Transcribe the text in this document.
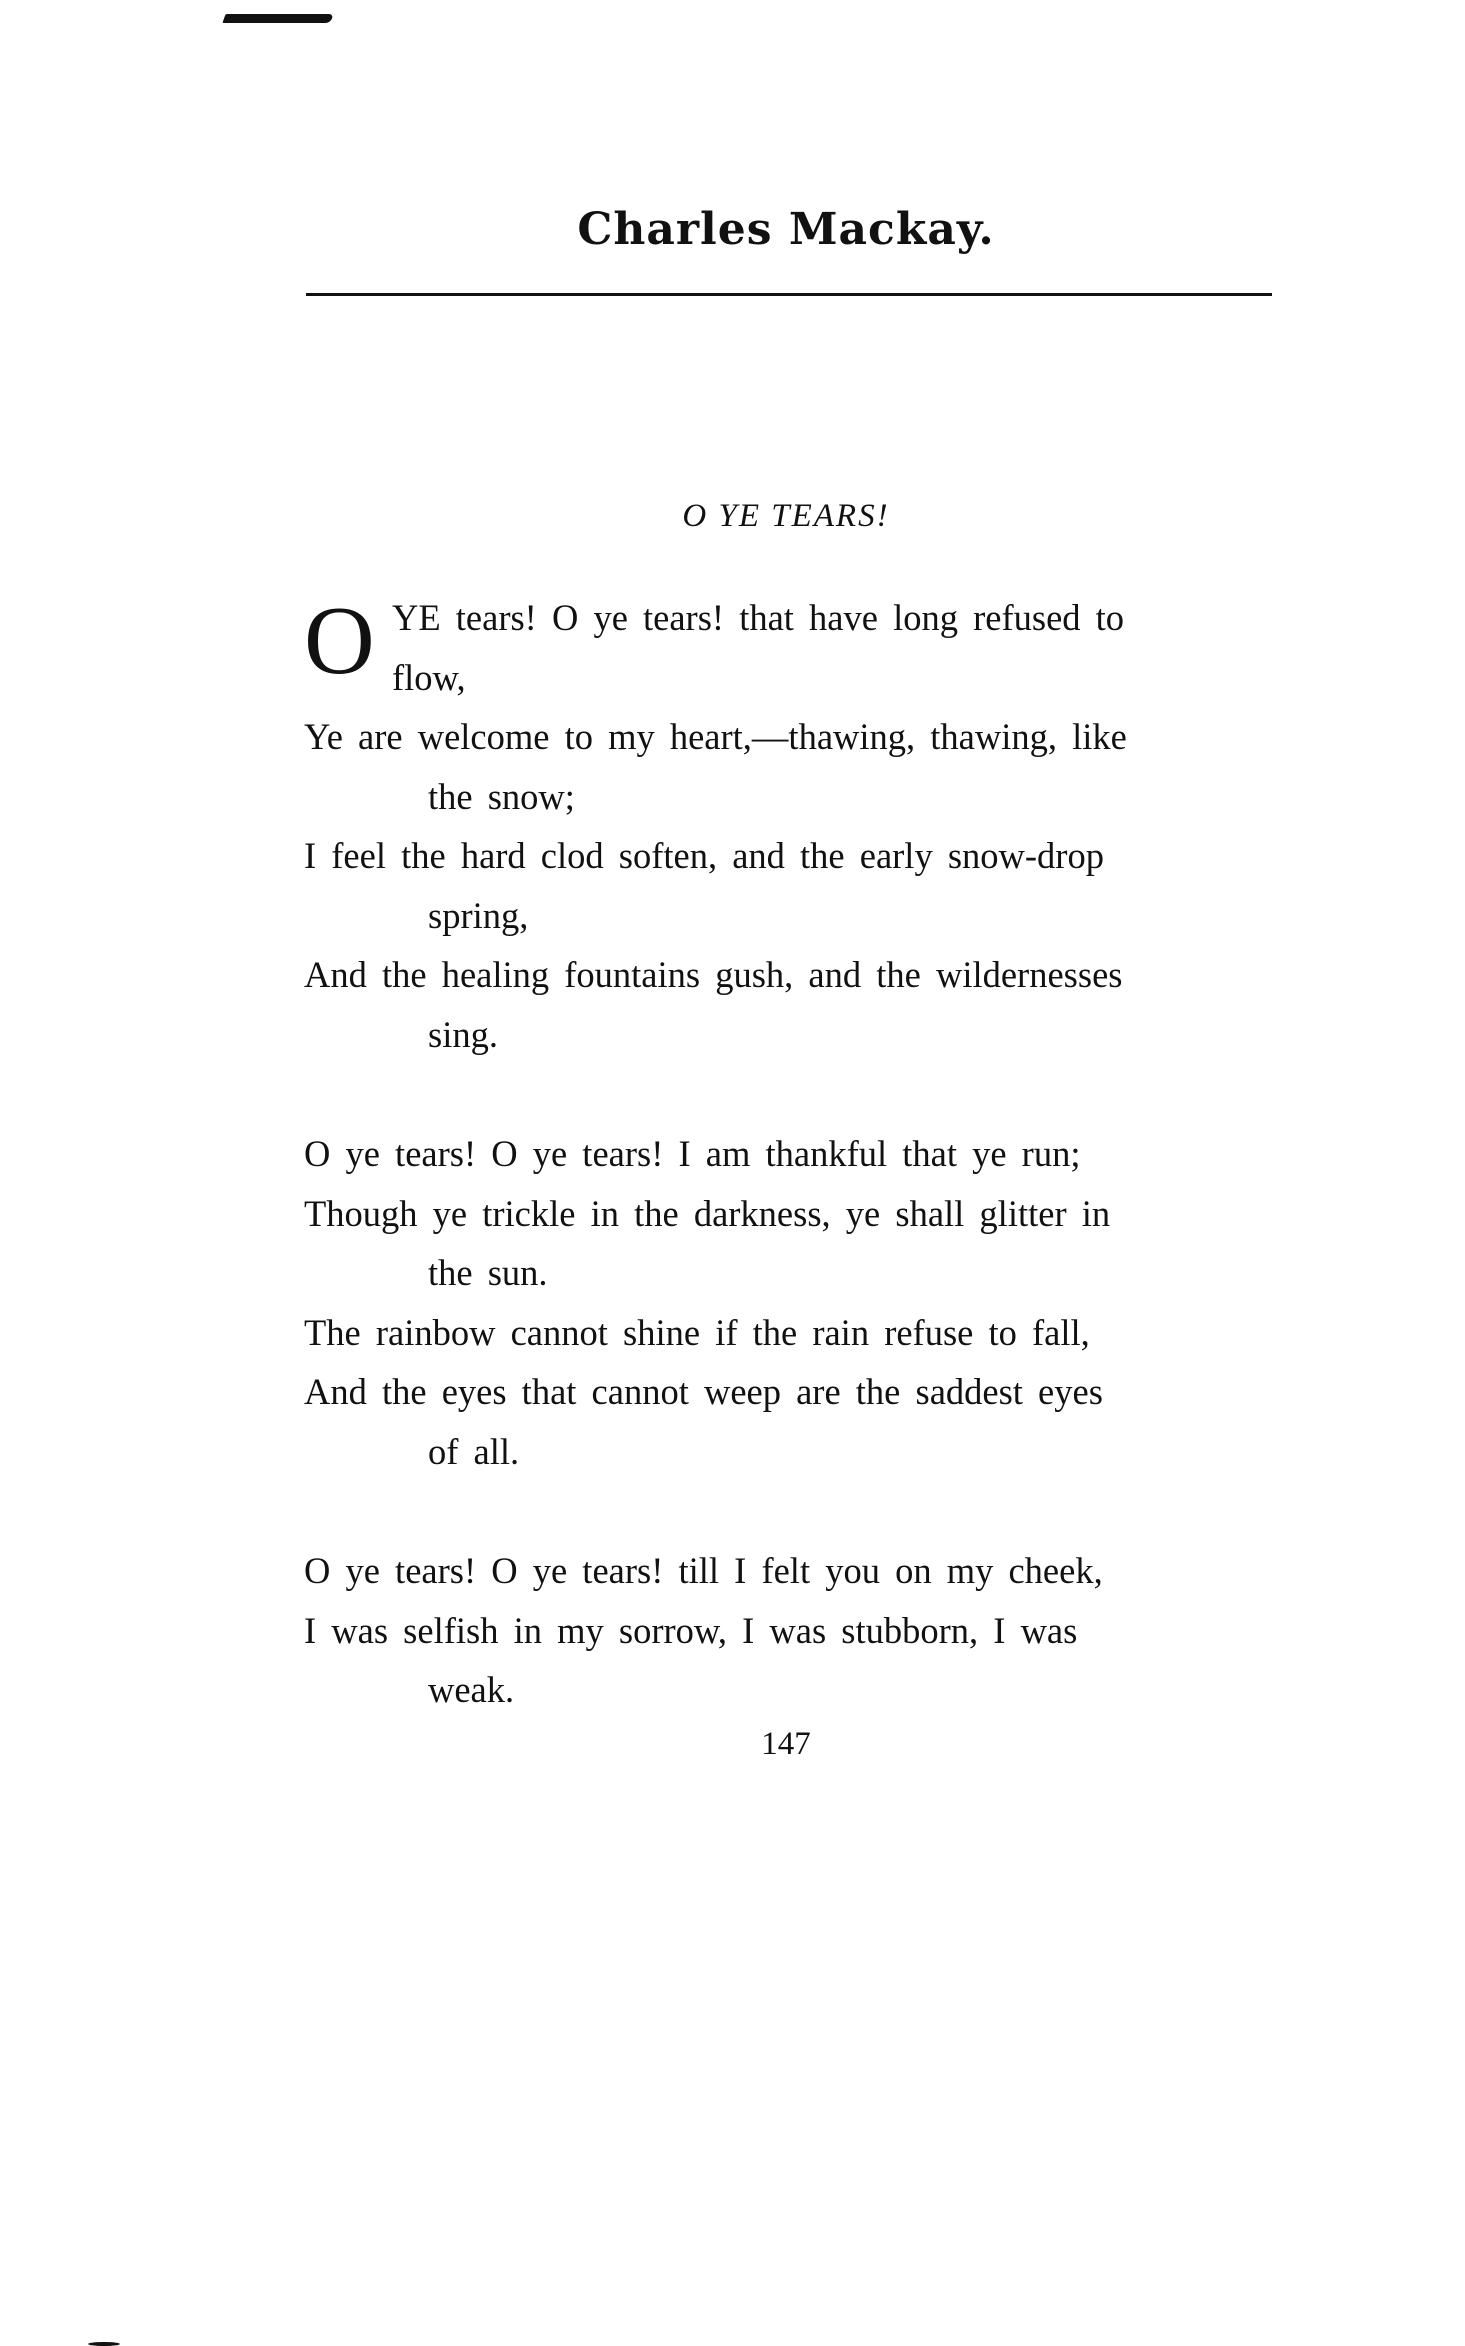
Charles Mackay.
O YE TEARS!
O YE tears! O ye tears! that have long refused to
flow,
Ye are welcome to my heart,—thawing, thawing, like
the snow;
I feel the hard clod soften, and the early snow-drop
spring,
And the healing fountains gush, and the wildernesses
sing.
O ye tears! O ye tears! I am thankful that ye run;
Though ye trickle in the darkness, ye shall glitter in
the sun.
The rainbow cannot shine if the rain refuse to fall,
And the eyes that cannot weep are the saddest eyes
of all.
O ye tears! O ye tears! till I felt you on my cheek,
I was selfish in my sorrow, I was stubborn, I was
weak.
147
